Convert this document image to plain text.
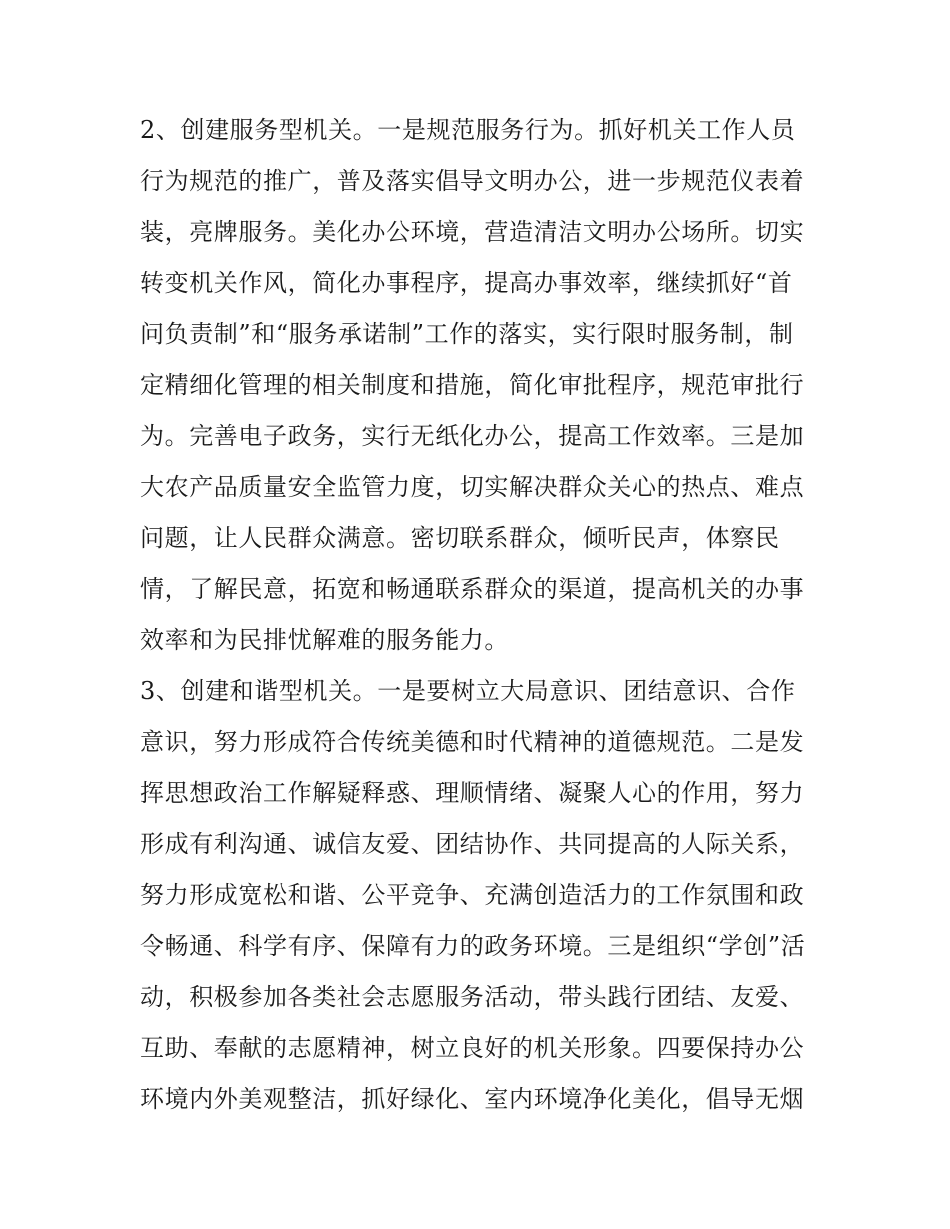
2、创建服务型机关。一是规范服务行为。抓好机关工作人员
行为规范的推广，普及落实倡导文明办公，进一步规范仪表着
装，亮牌服务。美化办公环境，营造清洁文明办公场所。切实
转变机关作风，简化办事程序，提高办事效率，继续抓好“首
问负责制”和“服务承诺制”工作的落实，实行限时服务制，制
定精细化管理的相关制度和措施，简化审批程序，规范审批行
为。完善电子政务，实行无纸化办公，提高工作效率。三是加
大农产品质量安全监管力度，切实解决群众关心的热点、难点
问题，让人民群众满意。密切联系群众，倾听民声，体察民
情，了解民意，拓宽和畅通联系群众的渠道，提高机关的办事
效率和为民排忧解难的服务能力。
3、创建和谐型机关。一是要树立大局意识、团结意识、合作
意识，努力形成符合传统美德和时代精神的道德规范。二是发
挥思想政治工作解疑释惑、理顺情绪、凝聚人心的作用，努力
形成有利沟通、诚信友爱、团结协作、共同提高的人际关系，
努力形成宽松和谐、公平竞争、充满创造活力的工作氛围和政
令畅通、科学有序、保障有力的政务环境。三是组织“学创”活
动，积极参加各类社会志愿服务活动，带头践行团结、友爱、
互助、奉献的志愿精神，树立良好的机关形象。四要保持办公
环境内外美观整洁，抓好绿化、室内环境净化美化，倡导无烟
